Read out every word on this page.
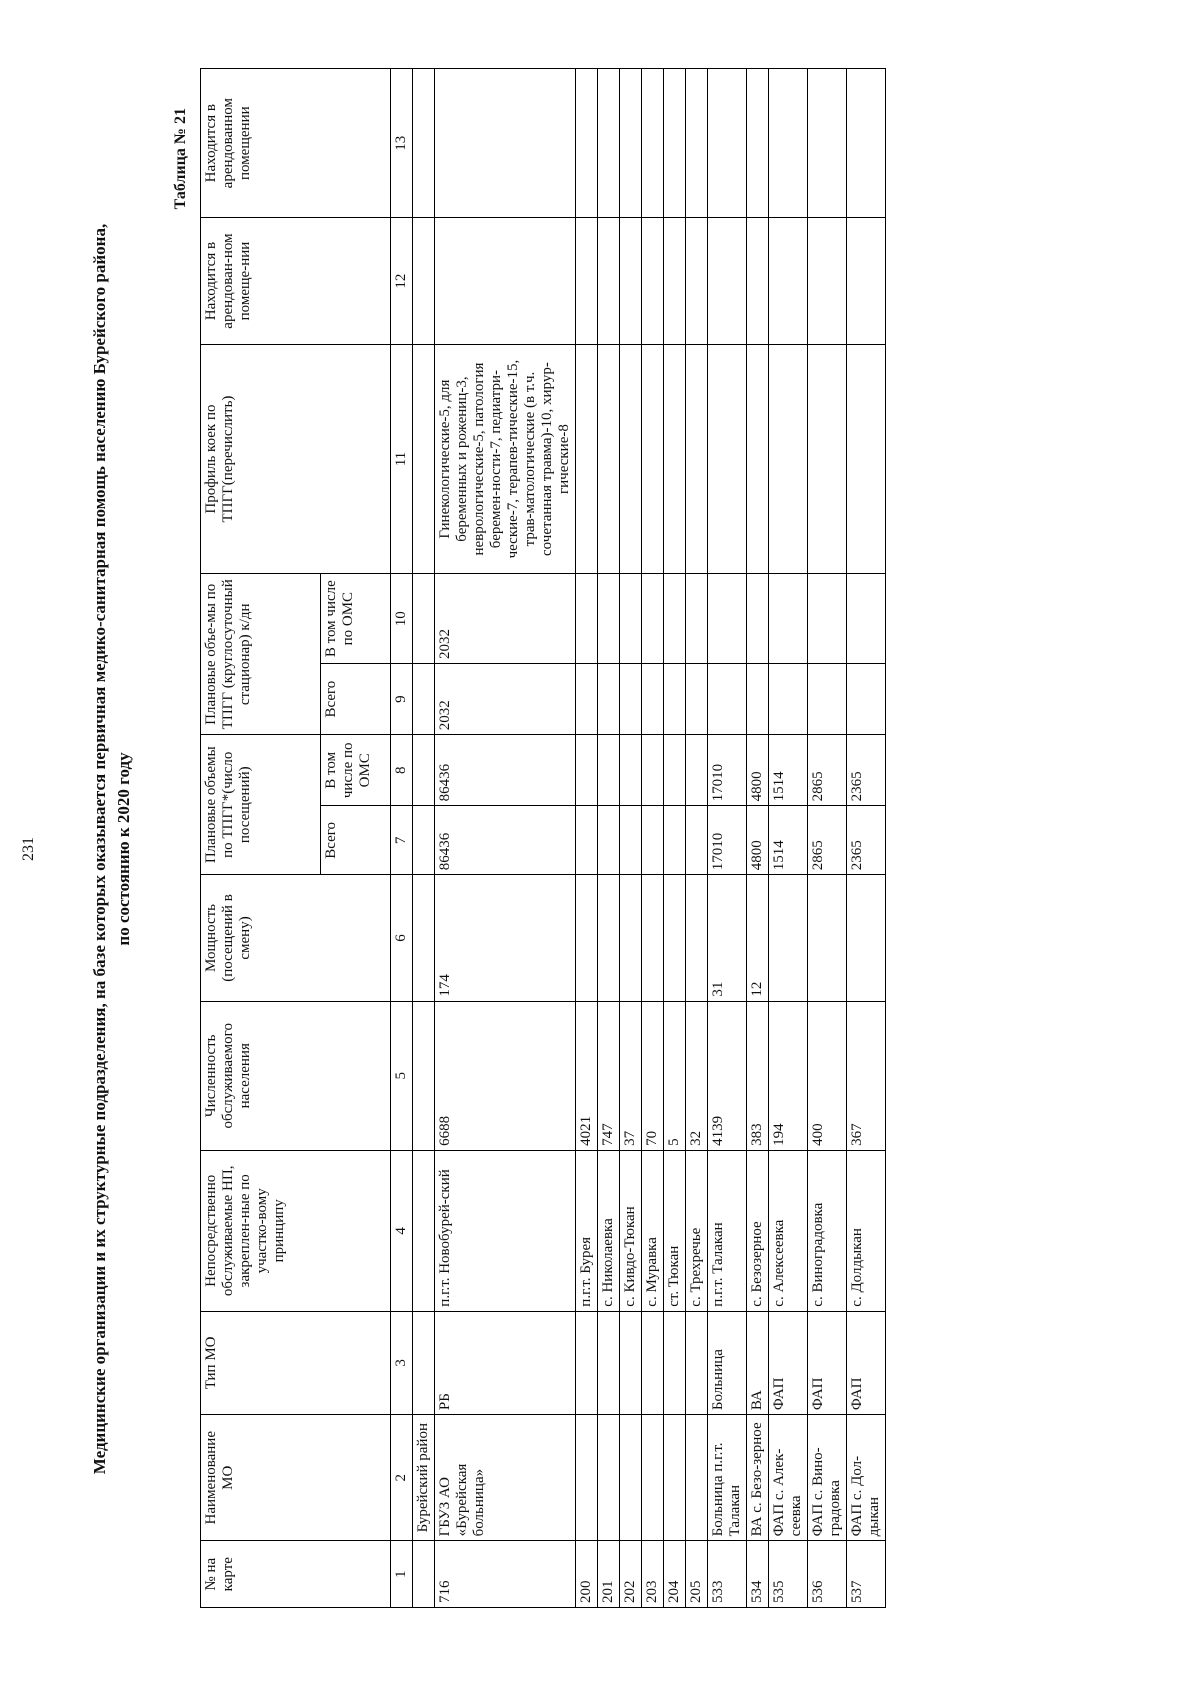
231	Медицинские организации и их структурные подразделения, на базе которых оказывается первичная медико-санитарная помощь населению Бурейского района, по состоянию к 2020 году
Таблица № 21
№ на карте	Наименование МО	Тип МО	Непосредственно обслуживаемые НП, закреплен-ные по участко-вому принципу	Численность обслуживаемого населения	Мощность (посещений в смену)	Плановые объемы по ТПГГ*(число посещений)		Плановые объе-мы по ТПГГ (круглосуточный стационар) к/дн		Профиль коек по ТПГГ(перечислить)	Находится в арендован-ном помеще-нии	Находится в арендованном помещении
						Всего	В том числе по ОМС	Всего	В том числе по ОМС			
1	2	3	4	5	6	7	8	9	10	11	12	13
	Бурейский район											
716	ГБУЗ АО «Бурейская больница»	РБ	п.г.т. Новобурей-ский	6688	174	86436	86436	2032	2032	Гинекологические-5, для беременных и рожениц-3, неврологические-5, патология беремен-ности-7, педиатри-ческие-7, терапев-тические-15, трав-матологические (в т.ч. сочетанная травма)-10, хирур-гические-8		
200			п.г.т. Бурея	4021								
201			с. Николаевка	747								
202			с. Кивдо-Тюкан	37								
203			с. Муравка	70								
204			ст. Тюкан	5								
205			с. Трехречье	32								
533	Больница п.г.т. Талакан	Больница	п.г.т. Талакан	4139	31	17010	17010					
534	ВА с. Безо-зерное	ВА	с. Безозерное	383	12	4800	4800					
535	ФАП с. Алек-сеевка	ФАП	с. Алексеевка	194		1514	1514					
536	ФАП с. Вино-градовка	ФАП	с. Виноградовка	400		2865	2865					
537	ФАП с. Дол-дыкан	ФАП	с. Долдыкан	367		2365	2365					
